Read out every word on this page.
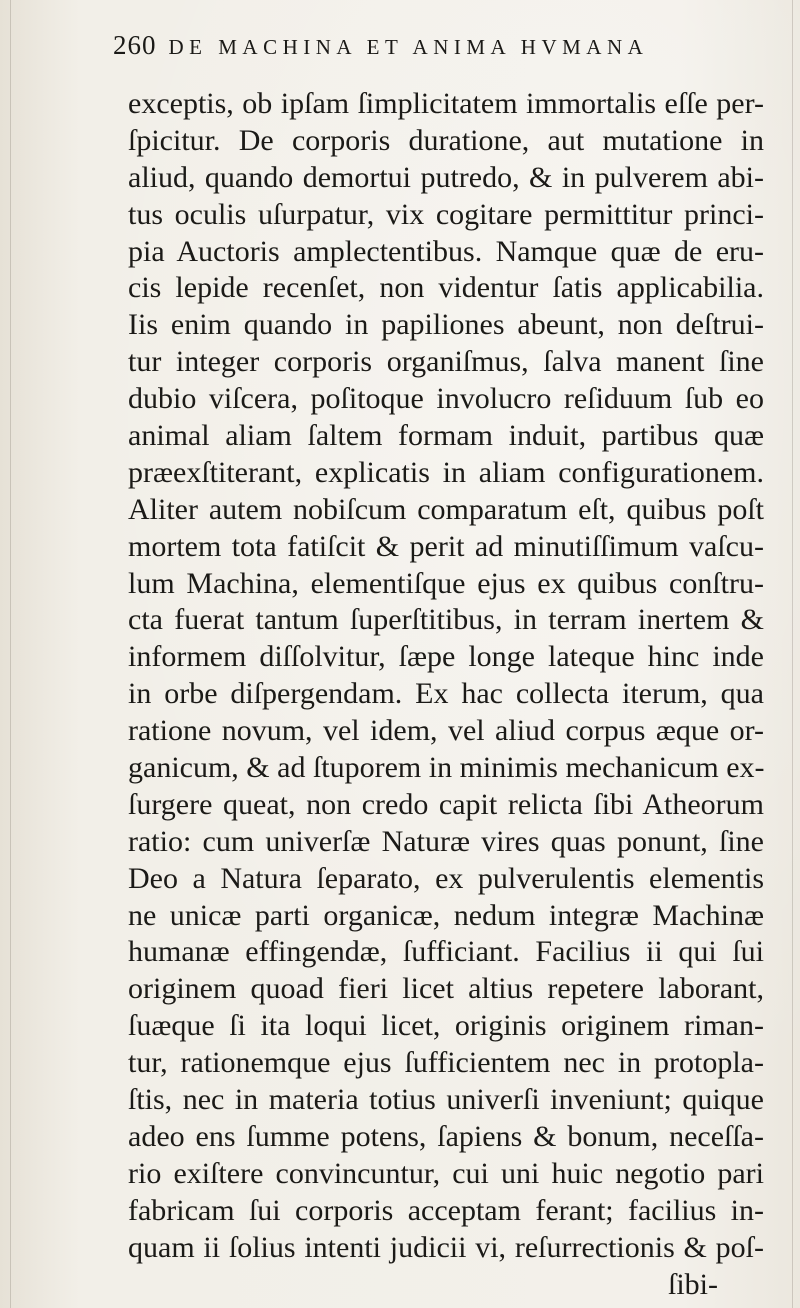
260 DE MACHINA ET ANIMA HVMANA
exceptis, ob ipſam ſimplicitatem immortalis eſſe per-
ſpicitur. De corporis duratione, aut mutatione in
aliud, quando demortui putredo, & in pulverem abi-
tus oculis uſurpatur, vix cogitare permittitur princi-
pia Auctoris amplectentibus. Namque quæ de eru-
cis lepide recenſet, non videntur ſatis applicabilia.
Iis enim quando in papiliones abeunt, non deſtrui-
tur integer corporis organiſmus, ſalva manent ſine
dubio viſcera, poſitoque involucro reſiduum ſub eo
animal aliam ſaltem formam induit, partibus quæ
præexſtiterant, explicatis in aliam configurationem.
Aliter autem nobiſcum comparatum eſt, quibus poſt
mortem tota fatiſcit & perit ad minutiſſimum vaſcu-
lum Machina, elementiſque ejus ex quibus conſtru-
cta fuerat tantum ſuperſtitibus, in terram inertem &
informem diſſolvitur, ſæpe longe lateque hinc inde
in orbe diſpergendam. Ex hac collecta iterum, qua
ratione novum, vel idem, vel aliud corpus æque or-
ganicum, & ad ſtuporem in minimis mechanicum ex-
ſurgere queat, non credo capit relicta ſibi Atheorum
ratio: cum univerſæ Naturæ vires quas ponunt, ſine
Deo a Natura ſeparato, ex pulverulentis elementis
ne unicæ parti organicæ, nedum integræ Machinæ
humanæ effingendæ, ſufficiant. Facilius ii qui ſui
originem quoad fieri licet altius repetere laborant,
ſuæque ſi ita loqui licet, originis originem riman-
tur, rationemque ejus ſufficientem nec in protopla-
ſtis, nec in materia totius univerſi inveniunt; quique
adeo ens ſumme potens, ſapiens & bonum, neceſſa-
rio exiſtere convincuntur, cui uni huic negotio pari
fabricam ſui corporis acceptam ferant; facilius in-
quam ii ſolius intenti judicii vi, reſurrectionis & poſ-
ſibi-
